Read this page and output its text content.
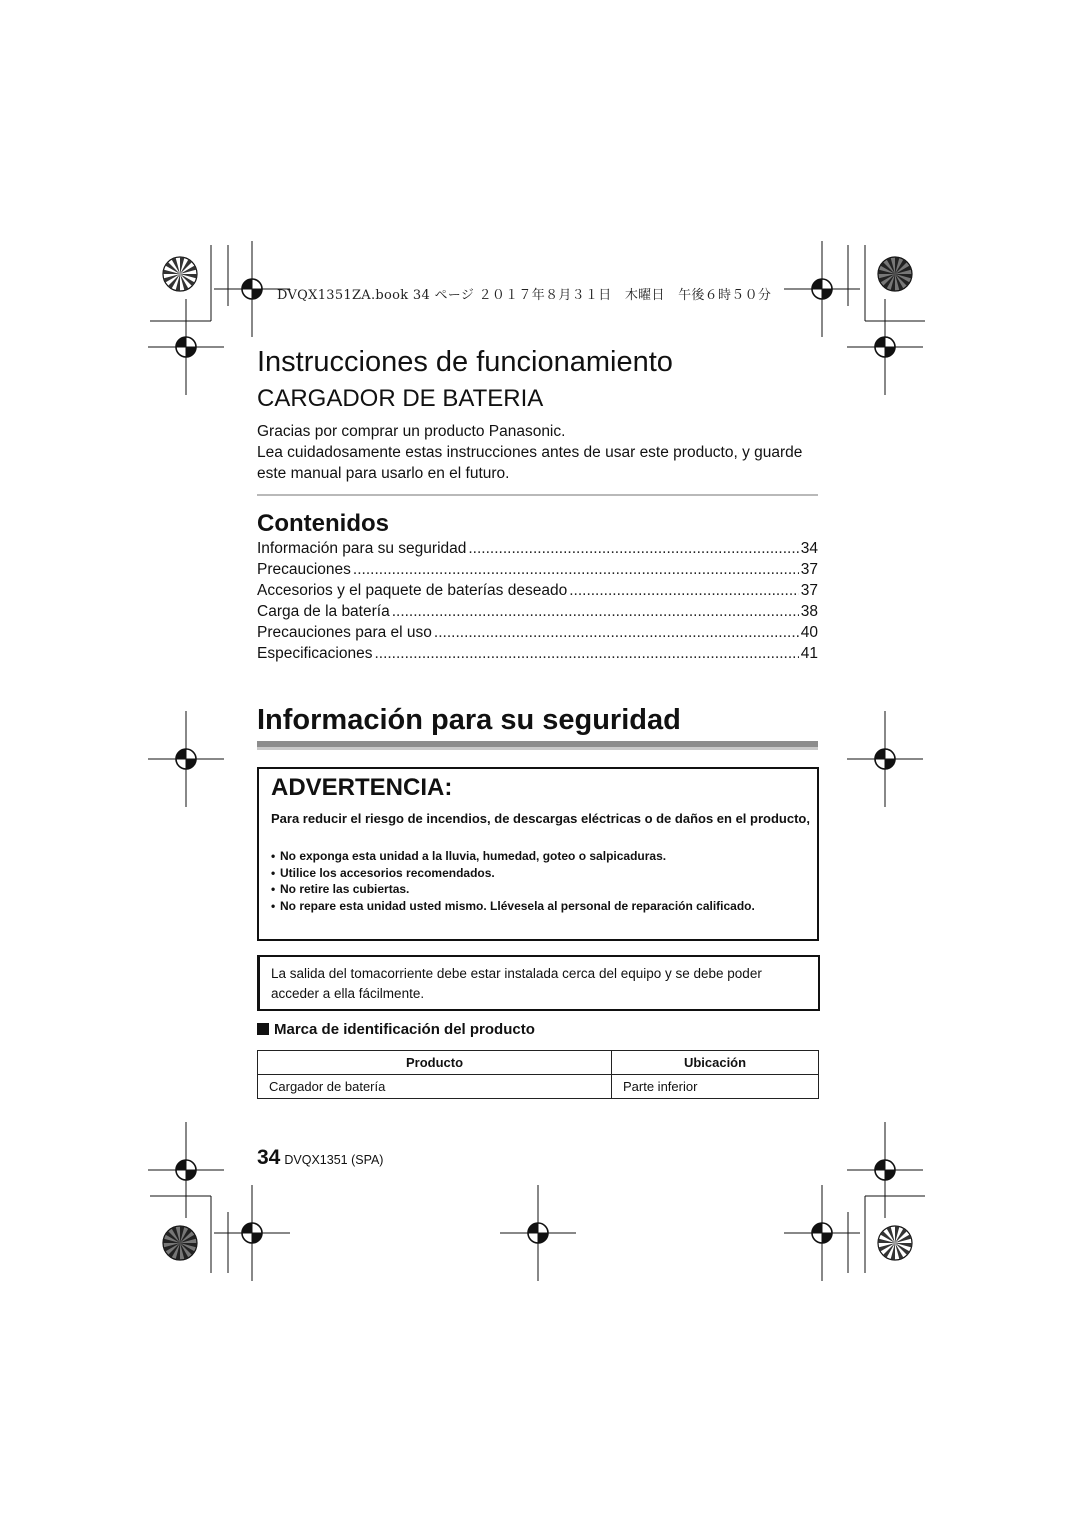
DVQX1351ZA.book 34 ページ ２０１７年８月３１日　木曜日　午後６時５０分
Instrucciones de funcionamiento
CARGADOR DE BATERIA

Gracias por comprar un producto Panasonic.

Lea cuidadosamente estas instrucciones antes de usar este producto, y guarde este manual para usarlo en el futuro.

Contenidos
Información para su seguridad .....	34
Precauciones .....	37
Accesorios y el paquete de baterías deseado .....	37
Carga de la batería .....	38
Precauciones para el uso .....	40
Especificaciones .....	41
Información para su seguridad
ADVERTENCIA:
Para reducir el riesgo de incendios, de descargas eléctricas o de daños en el producto,
• No exponga esta unidad a la lluvia, humedad, goteo o salpicaduras.
• Utilice los accesorios recomendados.
• No retire las cubiertas.
• No repare esta unidad usted mismo. Llévesela al personal de reparación calificado.
La salida del tomacorriente debe estar instalada cerca del equipo y se debe poder acceder a ella fácilmente.
Marca de identificación del producto
Producto	Ubicación
Cargador de batería	Parte inferior
34 DVQX1351 (SPA)
